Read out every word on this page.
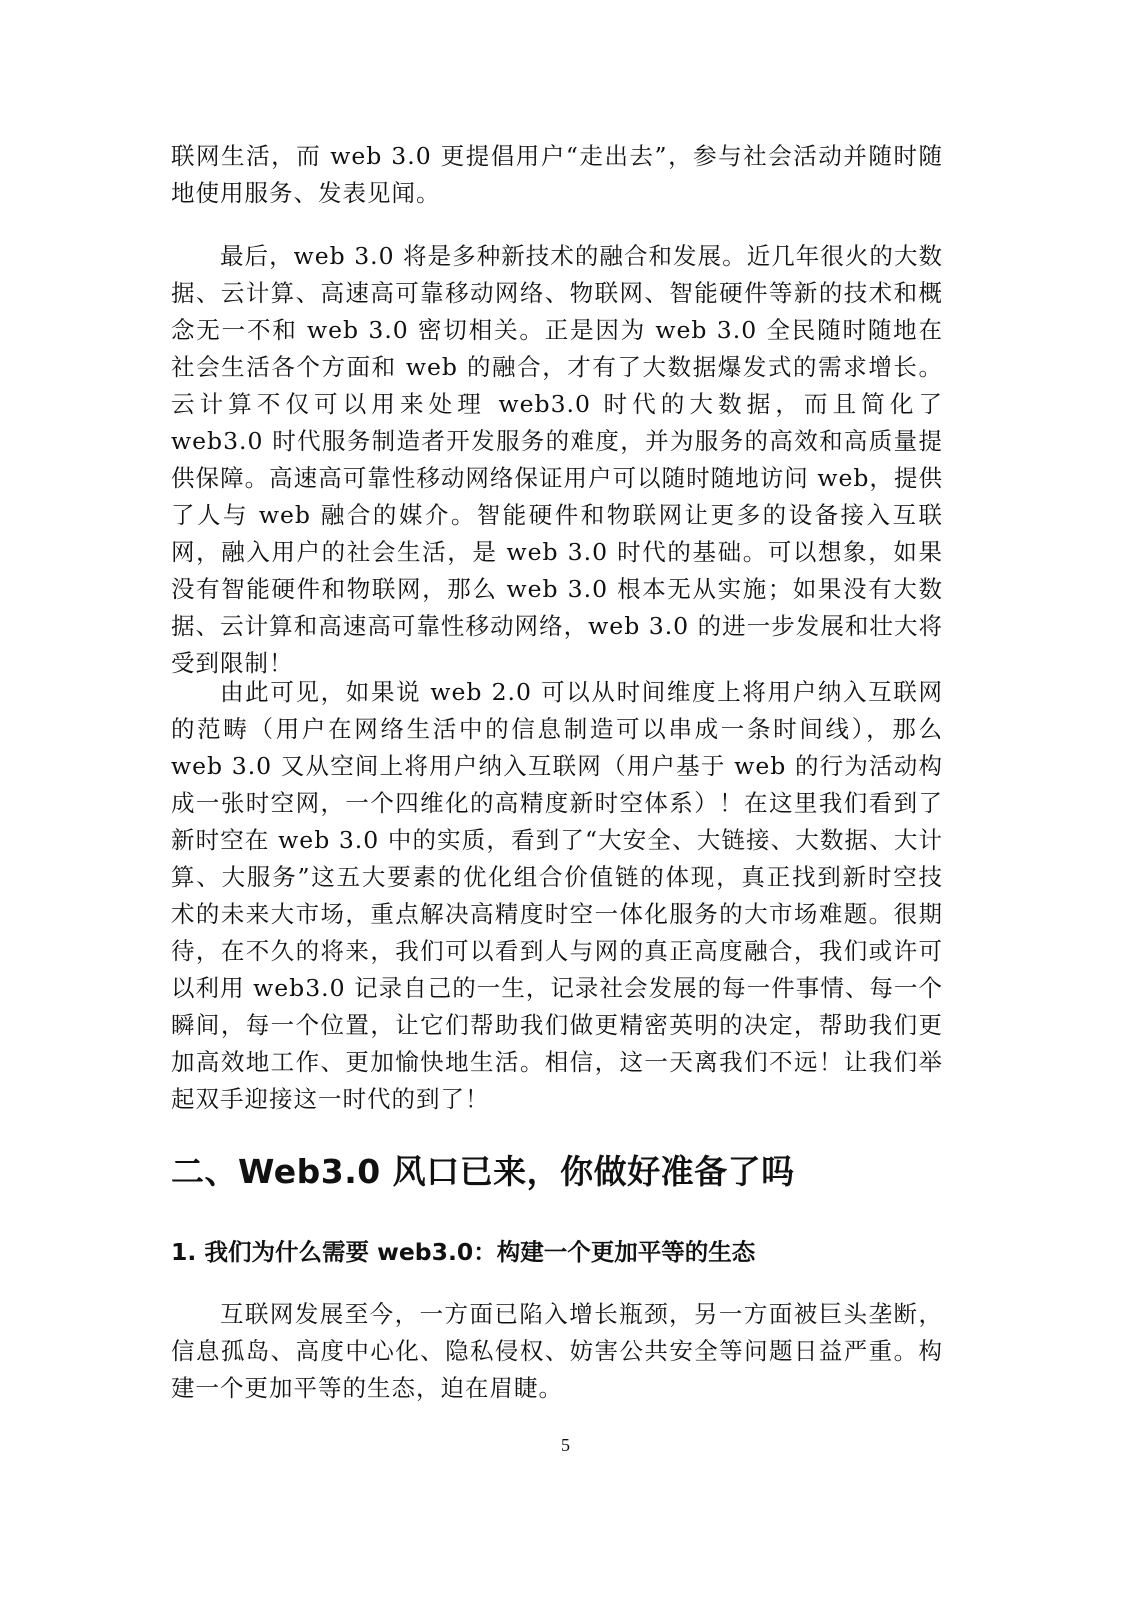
联网生活，而 web 3.0 更提倡用户“走出去”，参与社会活动并随时随地使用服务、发表见闻。

最后，web 3.0 将是多种新技术的融合和发展。近几年很火的大数据、云计算、高速高可靠移动网络、物联网、智能硬件等新的技术和概念无一不和 web 3.0 密切相关。正是因为 web 3.0 全民随时随地在社会生活各个方面和 web 的融合，才有了大数据爆发式的需求增长。云计算不仅可以用来处理 web3.0 时代的大数据，而且简化了 web3.0 时代服务制造者开发服务的难度，并为服务的高效和高质量提供保障。高速高可靠性移动网络保证用户可以随时随地访问 web，提供了人与 web 融合的媒介。智能硬件和物联网让更多的设备接入互联网，融入用户的社会生活，是 web 3.0 时代的基础。可以想象，如果没有智能硬件和物联网，那么 web 3.0 根本无从实施；如果没有大数据、云计算和高速高可靠性移动网络，web 3.0 的进一步发展和壮大将受到限制！

由此可见，如果说 web 2.0 可以从时间维度上将用户纳入互联网的范畴（用户在网络生活中的信息制造可以串成一条时间线），那么 web 3.0 又从空间上将用户纳入互联网（用户基于 web 的行为活动构成一张时空网，一个四维化的高精度新时空体系）！在这里我们看到了新时空在 web 3.0 中的实质，看到了“大安全、大链接、大数据、大计算、大服务”这五大要素的优化组合价值链的体现，真正找到新时空技术的未来大市场，重点解决高精度时空一体化服务的大市场难题。很期待，在不久的将来，我们可以看到人与网的真正高度融合，我们或许可以利用 web3.0 记录自己的一生，记录社会发展的每一件事情、每一个瞬间，每一个位置，让它们帮助我们做更精密英明的决定，帮助我们更加高效地工作、更加愉快地生活。相信，这一天离我们不远！让我们举起双手迎接这一时代的到了！

二、Web3.0 风口已来，你做好准备了吗
1. 我们为什么需要 web3.0：构建一个更加平等的生态

互联网发展至今，一方面已陷入增长瓶颈，另一方面被巨头垄断，信息孤岛、高度中心化、隐私侵权、妨害公共安全等问题日益严重。构建一个更加平等的生态，迫在眉睫。

5
